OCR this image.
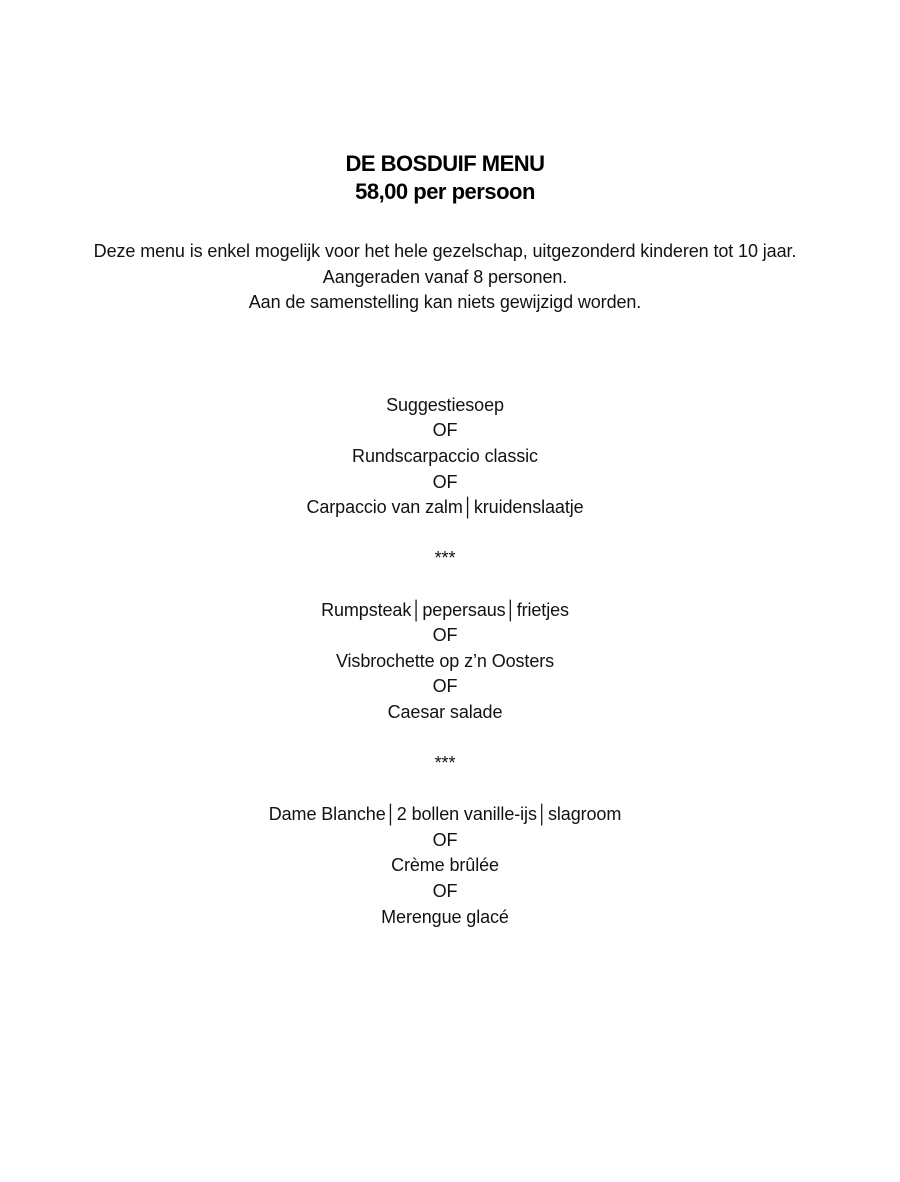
DE BOSDUIF MENU
58,00 per persoon

Deze menu is enkel mogelijk voor het hele gezelschap, uitgezonderd kinderen tot 10 jaar.

Aangeraden vanaf 8 personen.

Aan de samenstelling kan niets gewijzigd worden.

Suggestiesoep

OF

Rundscarpaccio classic

OF

Carpaccio van zalm│kruidenslaatje

***

Rumpsteak│pepersaus│frietjes

OF

Visbrochette op z’n Oosters

OF

Caesar salade

***

Dame Blanche│2 bollen vanille-ijs│slagroom

OF

Crème brûlée

OF

Merengue glacé
